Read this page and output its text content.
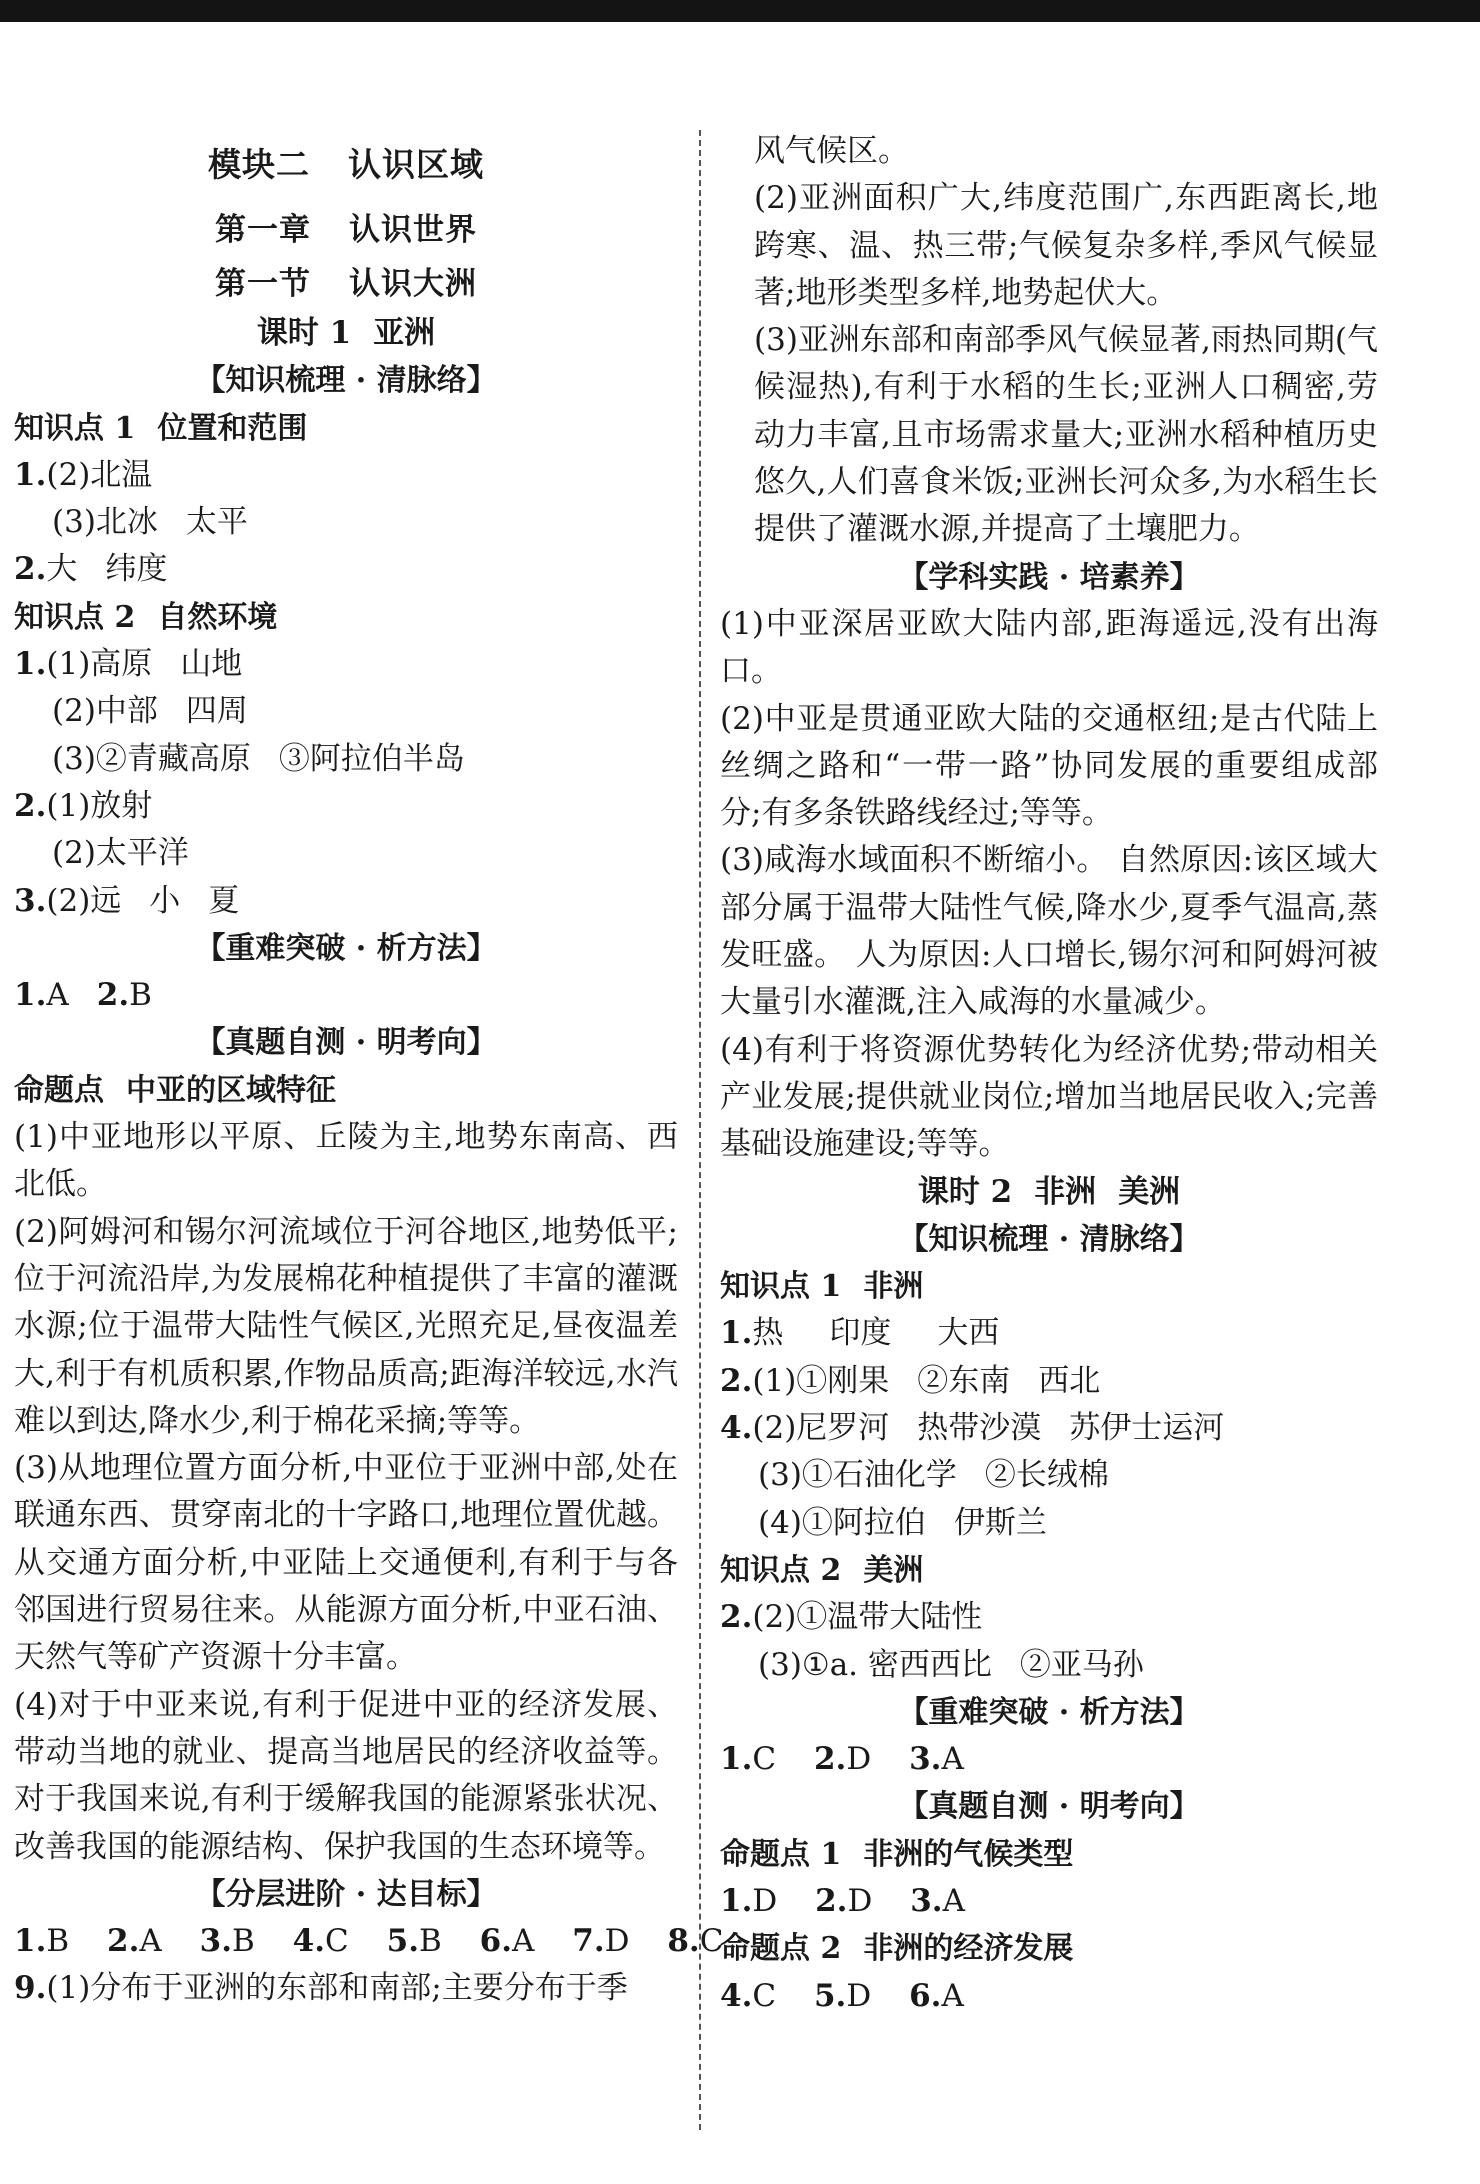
模块二 认识区域
第一章 认识世界
第一节 认识大洲
课时 1 亚洲
【知识梳理 · 清脉络】
知识点 1 位置和范围
1.(2)北温
(3)北冰 太平
2.大 纬度
知识点 2 自然环境
1.(1)高原 山地
(2)中部 四周
(3)②青藏高原 ③阿拉伯半岛
2.(1)放射
(2)太平洋
3.(2)远 小 夏
【重难突破 · 析方法】
1.A 2.B
【真题自测 · 明考向】
命题点 中亚的区域特征
(1)中亚地形以平原、丘陵为主,地势东南高、西北低。
(2)阿姆河和锡尔河流域位于河谷地区,地势低平;位于河流沿岸,为发展棉花种植提供了丰富的灌溉水源;位于温带大陆性气候区,光照充足,昼夜温差大,利于有机质积累,作物品质高;距海洋较远,水汽难以到达,降水少,利于棉花采摘;等等。
(3)从地理位置方面分析,中亚位于亚洲中部,处在联通东西、贯穿南北的十字路口,地理位置优越。从交通方面分析,中亚陆上交通便利,有利于与各邻国进行贸易往来。从能源方面分析,中亚石油、天然气等矿产资源十分丰富。
(4)对于中亚来说,有利于促进中亚的经济发展、带动当地的就业、提高当地居民的经济收益等。对于我国来说,有利于缓解我国的能源紧张状况、改善我国的能源结构、保护我国的生态环境等。
【分层进阶 · 达目标】
1.B 2.A 3.B 4.C 5.B 6.A 7.D 8.C
9.(1)分布于亚洲的东部和南部;主要分布于季
风气候区。
(2)亚洲面积广大,纬度范围广,东西距离长,地跨寒、温、热三带;气候复杂多样,季风气候显著;地形类型多样,地势起伏大。
(3)亚洲东部和南部季风气候显著,雨热同期(气候湿热),有利于水稻的生长;亚洲人口稠密,劳动力丰富,且市场需求量大;亚洲水稻种植历史悠久,人们喜食米饭;亚洲长河众多,为水稻生长提供了灌溉水源,并提高了土壤肥力。
【学科实践 · 培素养】
(1)中亚深居亚欧大陆内部,距海遥远,没有出海口。
(2)中亚是贯通亚欧大陆的交通枢纽;是古代陆上丝绸之路和“一带一路”协同发展的重要组成部分;有多条铁路线经过;等等。
(3)咸海水域面积不断缩小。 自然原因:该区域大部分属于温带大陆性气候,降水少,夏季气温高,蒸发旺盛。 人为原因:人口增长,锡尔河和阿姆河被大量引水灌溉,注入咸海的水量减少。
(4)有利于将资源优势转化为经济优势;带动相关产业发展;提供就业岗位;增加当地居民收入;完善基础设施建设;等等。
课时 2 非洲 美洲
【知识梳理 · 清脉络】
知识点 1 非洲
1.热 印度 大西
2.(1)①刚果 ②东南 西北
4.(2)尼罗河 热带沙漠 苏伊士运河
(3)①石油化学 ②长绒棉
(4)①阿拉伯 伊斯兰
知识点 2 美洲
2.(2)①温带大陆性
(3)①a. 密西西比 ②亚马孙
【重难突破 · 析方法】
1.C 2.D 3.A
【真题自测 · 明考向】
命题点 1 非洲的气候类型
1.D 2.D 3.A
命题点 2 非洲的经济发展
4.C 5.D 6.A
